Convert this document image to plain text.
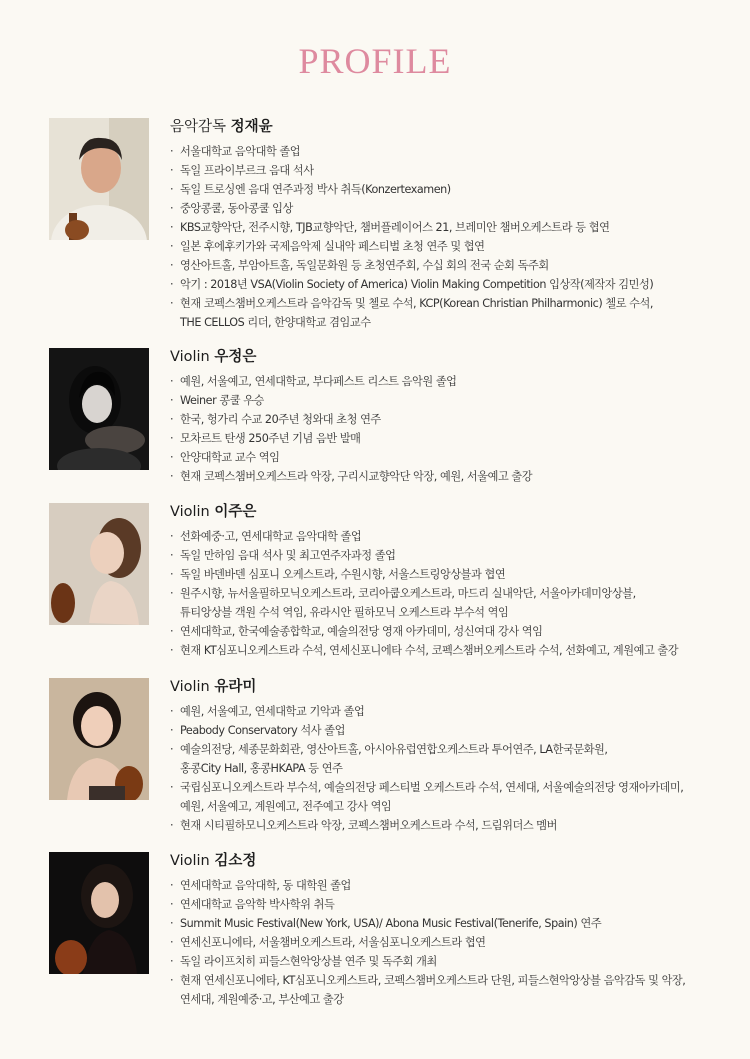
PROFILE
음악감독 정재윤
· 서울대학교 음악대학 졸업
· 독일 프라이부르크 음대 석사
· 독일 트로싱엔 음대 연주과정 박사 취득(Konzertexamen)
· 중앙콩쿨, 동아콩쿨 입상
· KBS교향악단, 전주시향, TJB교향악단, 챔버플레이어스 21, 브레미안 챔버오케스트라 등 협연
· 일본 후에후키가와 국제음악제 실내악 페스티벌 초청 연주 및 협연
· 영산아트홀, 부암아트홀, 독일문화원 등 초청연주회, 수십 회의 전국 순회 독주회
· 악기 : 2018년 VSA(Violin Society of America) Violin Making Competition 입상작(제작자 김민성)
· 현재 코펙스챔버오케스트라 음악감독 및 첼로 수석, KCP(Korean Christian Philharmonic) 첼로 수석,
THE CELLOS 리더, 한양대학교 겸임교수
Violin 우정은
· 예원, 서울예고, 연세대학교, 부다페스트 리스트 음악원 졸업
· Weiner 콩쿨 우승
· 한국, 헝가리 수교 20주년 청와대 초청 연주
· 모차르트 탄생 250주년 기념 음반 발매
· 안양대학교 교수 역임
· 현재 코펙스챔버오케스트라 악장, 구리시교향악단 악장, 예원, 서울예고 출강
Violin 이주은
· 선화예중·고, 연세대학교 음악대학 졸업
· 독일 만하임 음대 석사 및 최고연주자과정 졸업
· 독일 바덴바덴 심포니 오케스트라, 수원시향, 서울스트링앙상블과 협연
· 원주시향, 뉴서울필하모닉오케스트라, 코리아쿱오케스트라, 마드리 실내악단, 서울아카데미앙상블,
튜티앙상블 객원 수석 역임, 유라시안 필하모닉 오케스트라 부수석 역임
· 연세대학교, 한국예술종합학교, 예술의전당 영재 아카데미, 성신여대 강사 역임
· 현재 KT심포니오케스트라 수석, 연세신포니에타 수석, 코펙스챔버오케스트라 수석, 선화예고, 계원예고 출강
Violin 유라미
· 예원, 서울예고, 연세대학교 기악과 졸업
· Peabody Conservatory 석사 졸업
· 예술의전당, 세종문화회관, 영산아트홀, 아시아유럽연합오케스트라 투어연주, LA한국문화원,
홍콩City Hall, 홍콩HKAPA 등 연주
· 국립심포니오케스트라 부수석, 예술의전당 페스티벌 오케스트라 수석, 연세대, 서울예술의전당 영재아카데미,
예원, 서울예고, 계원예고, 전주예고 강사 역임
· 현재 시티필하모니오케스트라 악장, 코펙스챔버오케스트라 수석, 드림위더스 멤버
Violin 김소정
· 연세대학교 음악대학, 동 대학원 졸업
· 연세대학교 음악학 박사학위 취득
· Summit Music Festival(New York, USA)/ Abona Music Festival(Tenerife, Spain) 연주
· 연세신포니에타, 서울챔버오케스트라, 서울심포니오케스트라 협연
· 독일 라이프치히 피들스현악앙상블 연주 및 독주회 개최
· 현재 연세신포니에타, KT심포니오케스트라, 코펙스챔버오케스트라 단원, 피들스현악앙상블 음악감독 및 악장,
연세대, 계원예중·고, 부산예고 출강
